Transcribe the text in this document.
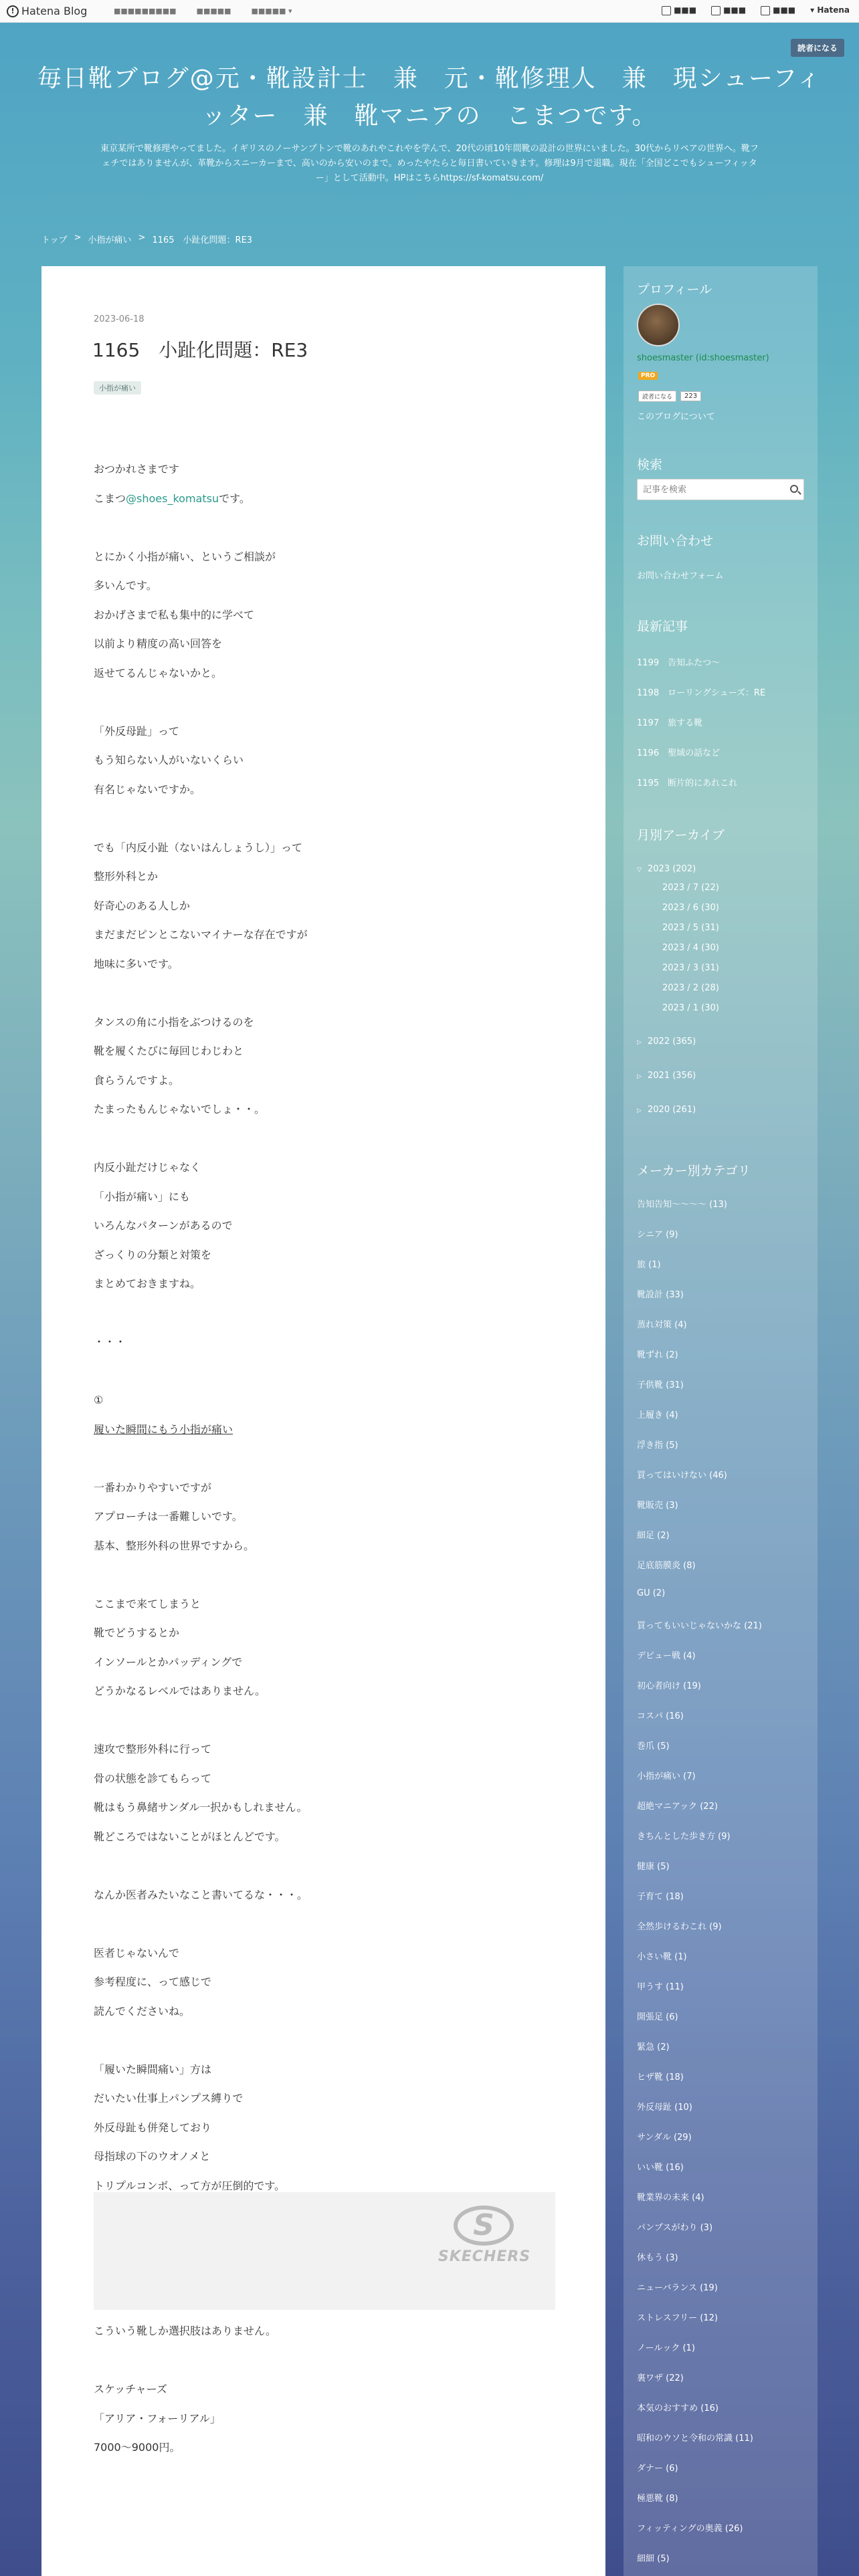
! Hatena Blog	■■■■■■■■■	■■■■■	■■■■■ ▾	■■■	■■■	■■■ ▾ Hatena
読者になる
毎日靴ブログ@元・靴設計士　兼　元・靴修理人　兼　現シューフィ
ッター　兼　靴マニアの　こまつです。
東京某所で靴修理やってました。イギリスのノーサンプトンで靴のあれやこれやを学んで、20代の頃10年間靴の設計の世界にいました。30代からリペアの世界へ。靴フ
ェチではありませんが、革靴からスニーカーまで、高いのから安いのまで。めったやたらと毎日書いていきます。修理は9月で退職。現在「全国どこでもシューフィッタ
ー」として活動中。HPはこちらhttps://sf-komatsu.com/
トップ > 小指が痛い > 1165　小趾化問題：RE3
2023-06-18
1165　小趾化問題：RE3
小指が痛い
おつかれさまです
こまつ@shoes_komatsuです。
とにかく小指が痛い、というご相談が
多いんです。
おかげさまで私も集中的に学べて
以前より精度の高い回答を
返せてるんじゃないかと。
「外反母趾」って
もう知らない人がいないくらい
有名じゃないですか。
でも「内反小趾（ないはんしょうし）」って
整形外科とか
好奇心のある人しか
まだまだピンとこないマイナーな存在ですが
地味に多いです。
タンスの角に小指をぶつけるのを
靴を履くたびに毎回じわじわと
食らうんですよ。
たまったもんじゃないでしょ・・。
内反小趾だけじゃなく
「小指が痛い」にも
いろんなパターンがあるので
ざっくりの分類と対策を
まとめておきますね。
・・・
①
履いた瞬間にもう小指が痛い
一番わかりやすいですが
アプローチは一番難しいです。
基本、整形外科の世界ですから。
ここまで来てしまうと
靴でどうするとか
インソールとかパッディングで
どうかなるレベルではありません。
速攻で整形外科に行って
骨の状態を診てもらって
靴はもう鼻緒サンダル一択かもしれません。
靴どころではないことがほとんどです。
なんか医者みたいなこと書いてるな・・・。
医者じゃないんで
参考程度に、って感じで
読んでくださいね。
「履いた瞬間痛い」方は
だいたい仕事上パンプス縛りで
外反母趾も併発しており
母指球の下のウオノメと
トリプルコンボ、って方が圧倒的です。
こういう靴しか選択肢はありません。
スケッチャーズ
「アリア・フォーリアル」
7000～9000円。
S
SKECHERS
プロフィール
shoesmaster (id:shoesmaster)
PRO
読者になる	223
このブログについて
検索
記事を検索
お問い合わせ
お問い合わせフォーム
最新記事
1199　告知ふたつ〜
1198　ローリングシューズ：RE
1197　旅する靴
1196　聖域の話など
1195　断片的にあれこれ
月別アーカイブ
▽ 2023 (202)
2023 / 7 (22)
2023 / 6 (30)
2023 / 5 (31)
2023 / 4 (30)
2023 / 3 (31)
2023 / 2 (28)
2023 / 1 (30)
▷ 2022 (365)
▷ 2021 (356)
▷ 2020 (261)
メーカー別カテゴリ
告知告知〜〜〜〜 (13)
シニア (9)
旅 (1)
靴設計 (33)
蒸れ対策 (4)
靴ずれ (2)
子供靴 (31)
上履き (4)
浮き指 (5)
買ってはいけない (46)
靴販売 (3)
細足 (2)
足底筋膜炎 (8)
GU (2)
買ってもいいじゃないかな (21)
デビュー戦 (4)
初心者向け (19)
コスパ (16)
巻爪 (5)
小指が痛い (7)
超絶マニアック (22)
きちんとした歩き方 (9)
健康 (5)
子育て (18)
全然歩けるわこれ (9)
小さい靴 (1)
甲うす (11)
開張足 (6)
緊急 (2)
ヒザ靴 (18)
外反母趾 (10)
サンダル (29)
いい靴 (16)
靴業界の未来 (4)
パンプスがわり (3)
休もう (3)
ニューバランス (19)
ストレスフリー (12)
ノールック (1)
裏ワザ (22)
本気のおすすめ (16)
昭和のウソと令和の常識 (11)
ダナー (6)
極悪靴 (8)
フィッティングの奥義 (26)
細細 (5)
